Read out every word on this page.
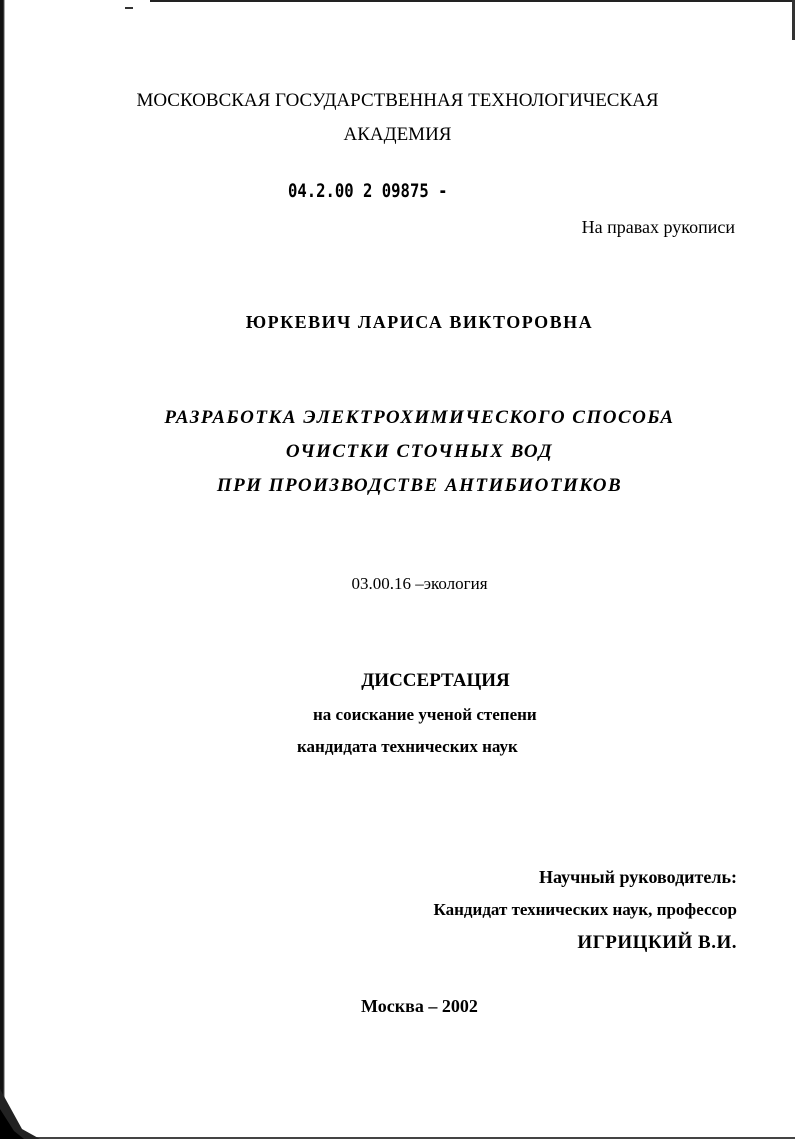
МОСКОВСКАЯ ГОСУДАРСТВЕННАЯ ТЕХНОЛОГИЧЕСКАЯ
АКАДЕМИЯ
04.2.00 2 09875 -
На правах рукописи
ЮРКЕВИЧ ЛАРИСА ВИКТОРОВНА
РАЗРАБОТКА ЭЛЕКТРОХИМИЧЕСКОГО СПОСОБА
ОЧИСТКИ СТОЧНЫХ ВОД
ПРИ ПРОИЗВОДСТВЕ АНТИБИОТИКОВ
03.00.16 –экология
ДИССЕРТАЦИЯ
на соискание ученой степени
кандидата технических наук
Научный руководитель:
Кандидат технических наук, профессор
ИГРИЦКИЙ В.И.
Москва – 2002
